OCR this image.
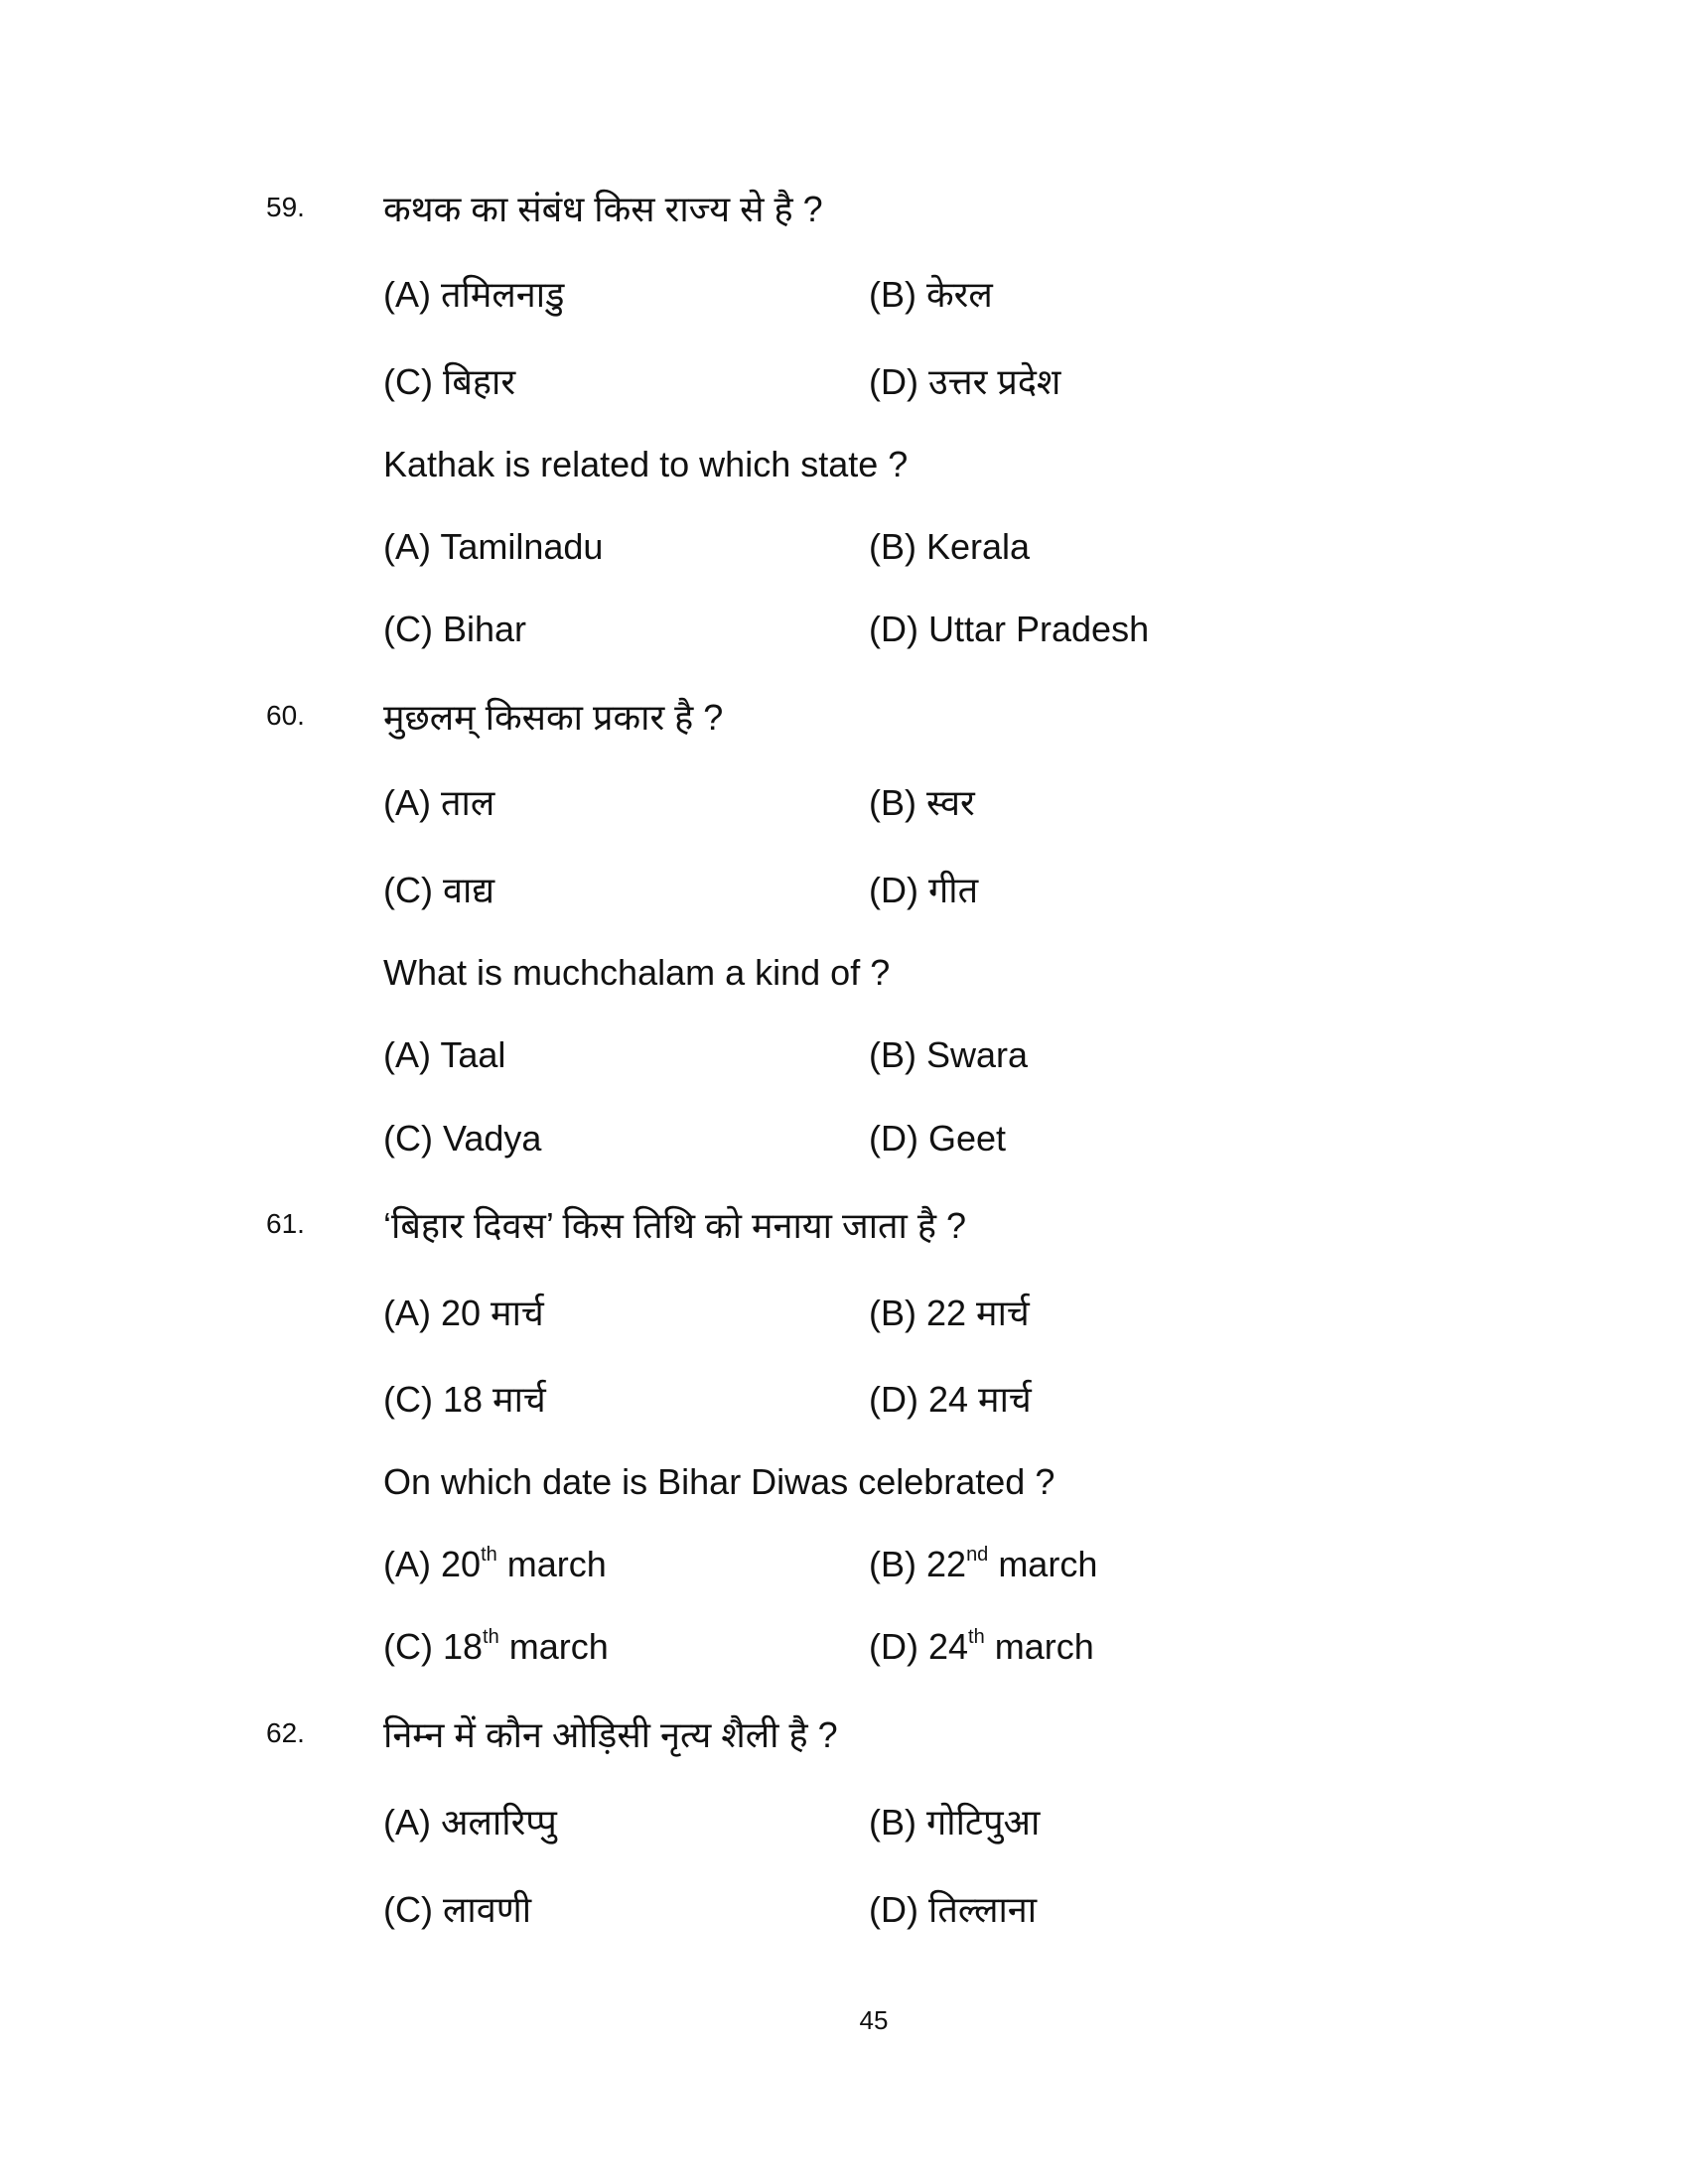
45
59. कथक का संबंध किस राज्य से है ?
(A) तमिलनाडु	(B) केरल
(C) बिहार	(D) उत्तर प्रदेश
Kathak is related to which state ?
(A) Tamilnadu	(B) Kerala
(C) Bihar	(D) Uttar Pradesh
60. मुछलम् किसका प्रकार है ?
(A) ताल	(B) स्वर
(C) वाद्य	(D) गीत
What is muchchalam a kind of ?
(A) Taal	(B) Swara
(C) Vadya	(D) Geet
61. ‘बिहार दिवस’ किस तिथि को मनाया जाता है ?
(A) 20 मार्च	(B) 22 मार्च
(C) 18 मार्च	(D) 24 मार्च
On which date is Bihar Diwas celebrated ?
(A) 20th march	(B) 22nd march
(C) 18th march	(D) 24th march
62. निम्न में कौन ओड़िसी नृत्य शैली है ?
(A) अलारिप्पु	(B) गोटिपुआ
(C) लावणी	(D) तिल्लाना
